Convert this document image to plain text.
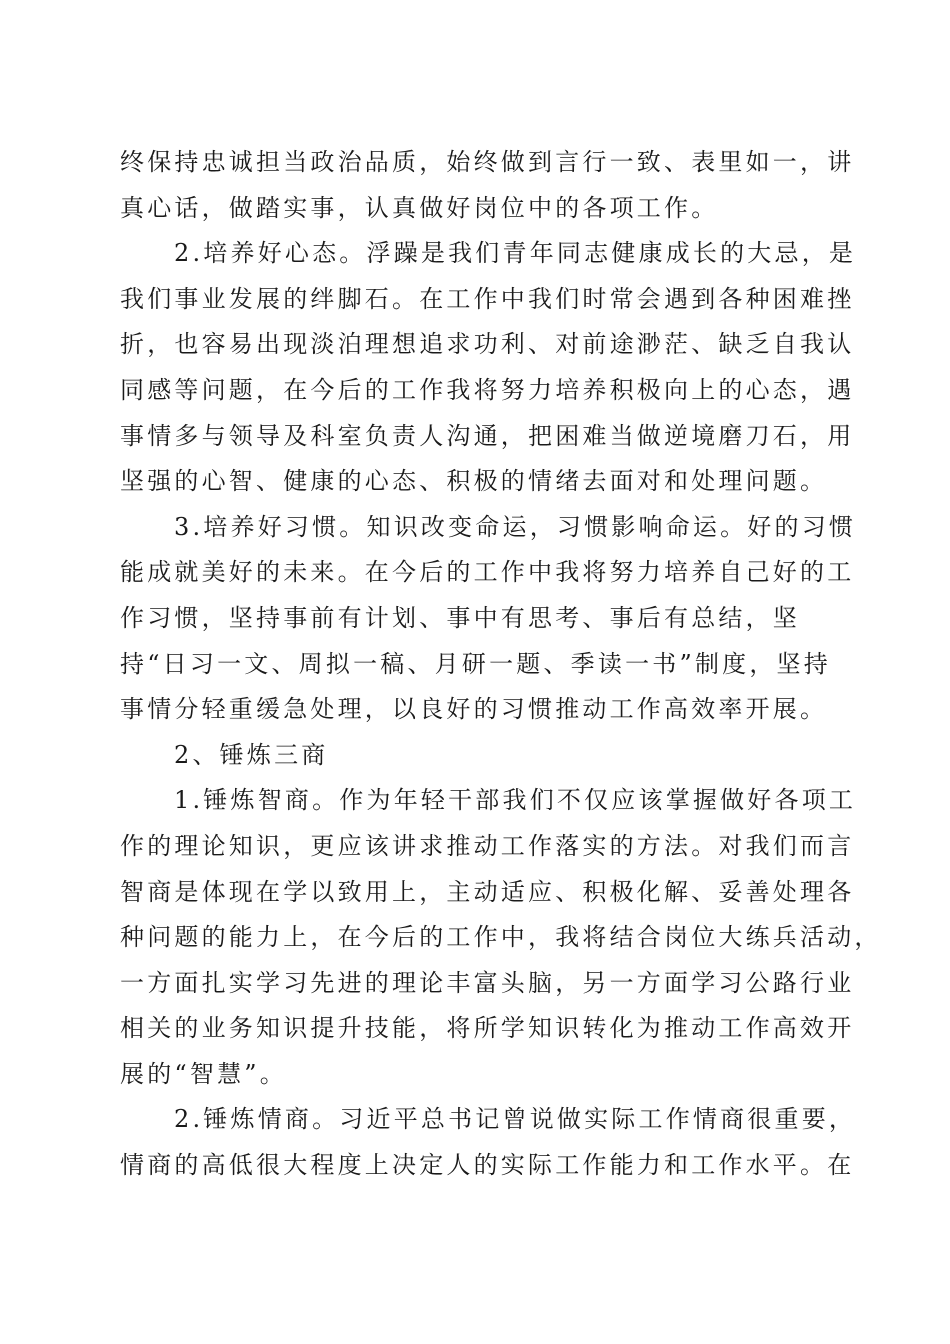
终保持忠诚担当政治品质，始终做到言行一致、表里如一，讲
真心话，做踏实事，认真做好岗位中的各项工作。
2.培养好心态。浮躁是我们青年同志健康成长的大忌，是
我们事业发展的绊脚石。在工作中我们时常会遇到各种困难挫
折，也容易出现淡泊理想追求功利、对前途渺茫、缺乏自我认
同感等问题，在今后的工作我将努力培养积极向上的心态，遇
事情多与领导及科室负责人沟通，把困难当做逆境磨刀石，用
坚强的心智、健康的心态、积极的情绪去面对和处理问题。
3.培养好习惯。知识改变命运，习惯影响命运。好的习惯
能成就美好的未来。在今后的工作中我将努力培养自己好的工
作习惯，坚持事前有计划、事中有思考、事后有总结，坚
持“日习一文、周拟一稿、月研一题、季读一书”制度，坚持
事情分轻重缓急处理，以良好的习惯推动工作高效率开展。
2、锤炼三商
1.锤炼智商。作为年轻干部我们不仅应该掌握做好各项工
作的理论知识，更应该讲求推动工作落实的方法。对我们而言
智商是体现在学以致用上，主动适应、积极化解、妥善处理各
种问题的能力上，在今后的工作中，我将结合岗位大练兵活动，
一方面扎实学习先进的理论丰富头脑，另一方面学习公路行业
相关的业务知识提升技能，将所学知识转化为推动工作高效开
展的“智慧”。
2.锤炼情商。习近平总书记曾说做实际工作情商很重要，
情商的高低很大程度上决定人的实际工作能力和工作水平。在
